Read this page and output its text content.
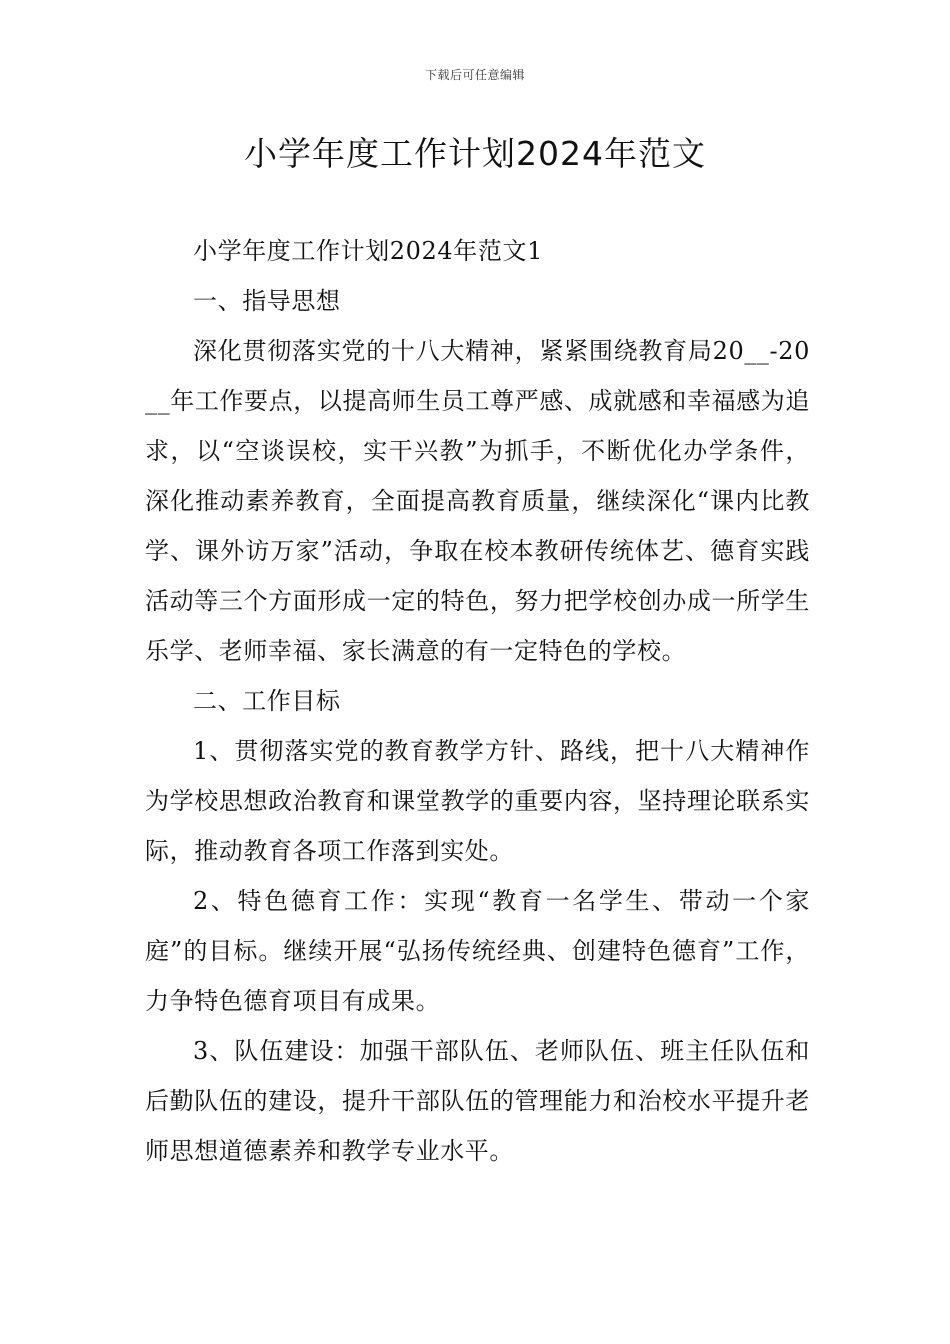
下载后可任意编辑
小学年度工作计划2024年范文

小学年度工作计划2024年范文1

一、指导思想

深化贯彻落实党的十八大精神，紧紧围绕教育局20__-20__年工作要点，以提高师生员工尊严感、成就感和幸福感为追求，以“空谈误校，实干兴教”为抓手，不断优化办学条件，深化推动素养教育，全面提高教育质量，继续深化“课内比教学、课外访万家”活动，争取在校本教研传统体艺、德育实践活动等三个方面形成一定的特色，努力把学校创办成一所学生乐学、老师幸福、家长满意的有一定特色的学校。

二、工作目标

1、贯彻落实党的教育教学方针、路线，把十八大精神作为学校思想政治教育和课堂教学的重要内容，坚持理论联系实际，推动教育各项工作落到实处。

2、特色德育工作：实现“教育一名学生、带动一个家庭”的目标。继续开展“弘扬传统经典、创建特色德育”工作，力争特色德育项目有成果。

3、队伍建设：加强干部队伍、老师队伍、班主任队伍和后勤队伍的建设，提升干部队伍的管理能力和治校水平提升老师思想道德素养和教学专业水平。
